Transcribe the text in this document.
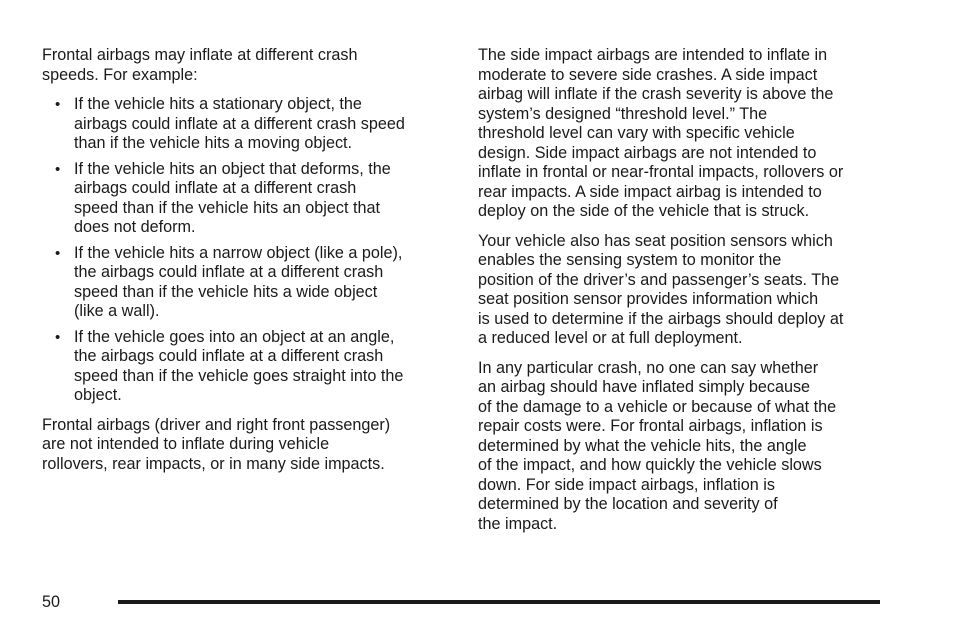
Frontal airbags may inflate at different crash
speeds. For example:
• If the vehicle hits a stationary object, the
airbags could inflate at a different crash speed
than if the vehicle hits a moving object.
• If the vehicle hits an object that deforms, the
airbags could inflate at a different crash
speed than if the vehicle hits an object that
does not deform.
• If the vehicle hits a narrow object (like a pole),
the airbags could inflate at a different crash
speed than if the vehicle hits a wide object
(like a wall).
• If the vehicle goes into an object at an angle,
the airbags could inflate at a different crash
speed than if the vehicle goes straight into the
object.
Frontal airbags (driver and right front passenger)
are not intended to inflate during vehicle
rollovers, rear impacts, or in many side impacts.
The side impact airbags are intended to inflate in
moderate to severe side crashes. A side impact
airbag will inflate if the crash severity is above the
system’s designed “threshold level.” The
threshold level can vary with specific vehicle
design. Side impact airbags are not intended to
inflate in frontal or near-frontal impacts, rollovers or
rear impacts. A side impact airbag is intended to
deploy on the side of the vehicle that is struck.
Your vehicle also has seat position sensors which
enables the sensing system to monitor the
position of the driver’s and passenger’s seats. The
seat position sensor provides information which
is used to determine if the airbags should deploy at
a reduced level or at full deployment.
In any particular crash, no one can say whether
an airbag should have inflated simply because
of the damage to a vehicle or because of what the
repair costs were. For frontal airbags, inflation is
determined by what the vehicle hits, the angle
of the impact, and how quickly the vehicle slows
down. For side impact airbags, inflation is
determined by the location and severity of
the impact.
50
